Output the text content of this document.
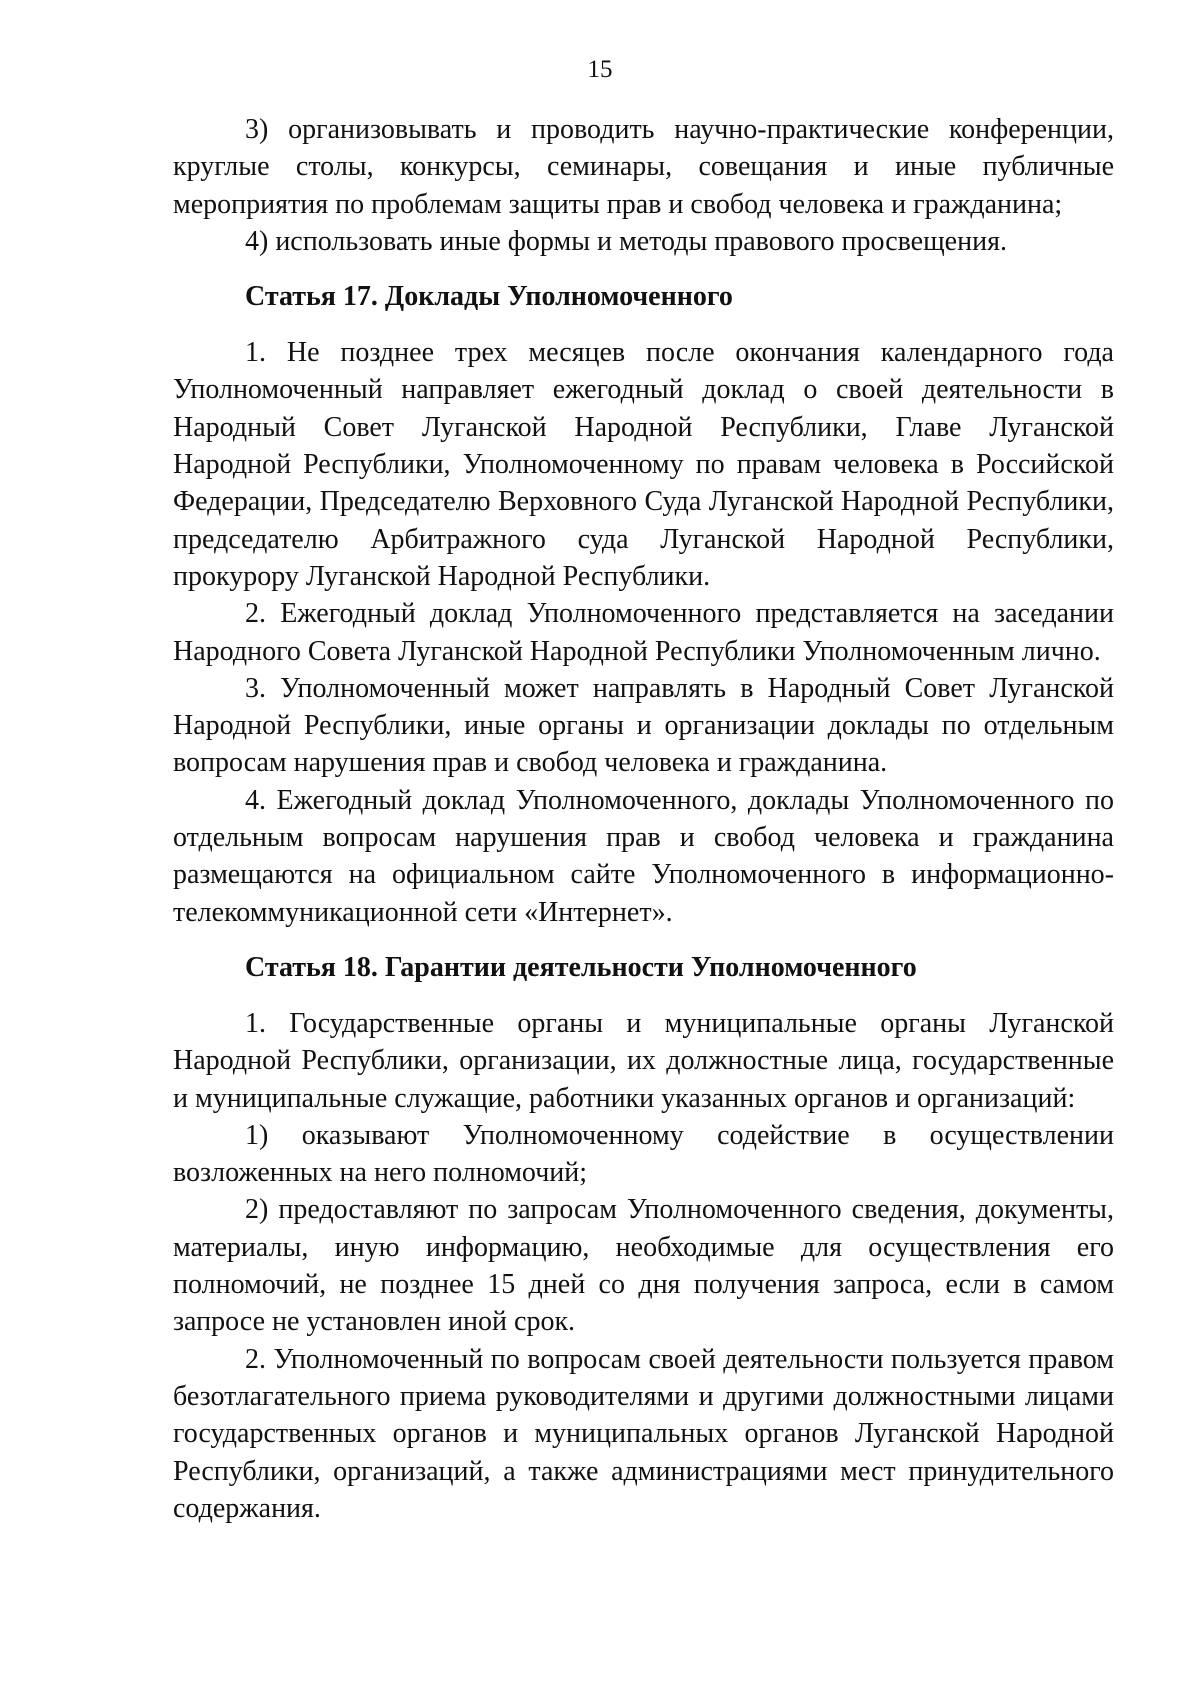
15

3) организовывать и проводить научно-практические конференции, круглые столы, конкурсы, семинары, совещания и иные публичные мероприятия по проблемам защиты прав и свобод человека и гражданина;

4) использовать иные формы и методы правового просвещения.

Статья 17. Доклады Уполномоченного

1. Не позднее трех месяцев после окончания календарного года Уполномоченный направляет ежегодный доклад о своей деятельности в Народный Совет Луганской Народной Республики, Главе Луганской Народной Республики, Уполномоченному по правам человека в Российской Федерации, Председателю Верховного Суда Луганской Народной Республики, председателю Арбитражного суда Луганской Народной Республики, прокурору Луганской Народной Республики.

2. Ежегодный доклад Уполномоченного представляется на заседании Народного Совета Луганской Народной Республики Уполномоченным лично.

3. Уполномоченный может направлять в Народный Совет Луганской Народной Республики, иные органы и организации доклады по отдельным вопросам нарушения прав и свобод человека и гражданина.

4. Ежегодный доклад Уполномоченного, доклады Уполномоченного по отдельным вопросам нарушения прав и свобод человека и гражданина размещаются на официальном сайте Уполномоченного в информационно-телекоммуникационной сети «Интернет».

Статья 18. Гарантии деятельности Уполномоченного

1. Государственные органы и муниципальные органы Луганской Народной Республики, организации, их должностные лица, государственные и муниципальные служащие, работники указанных органов и организаций:

1) оказывают Уполномоченному содействие в осуществлении возложенных на него полномочий;

2) предоставляют по запросам Уполномоченного сведения, документы, материалы, иную информацию, необходимые для осуществления его полномочий, не позднее 15 дней со дня получения запроса, если в самом запросе не установлен иной срок.

2. Уполномоченный по вопросам своей деятельности пользуется правом безотлагательного приема руководителями и другими должностными лицами государственных органов и муниципальных органов Луганской Народной Республики, организаций, а также администрациями мест принудительного содержания.
